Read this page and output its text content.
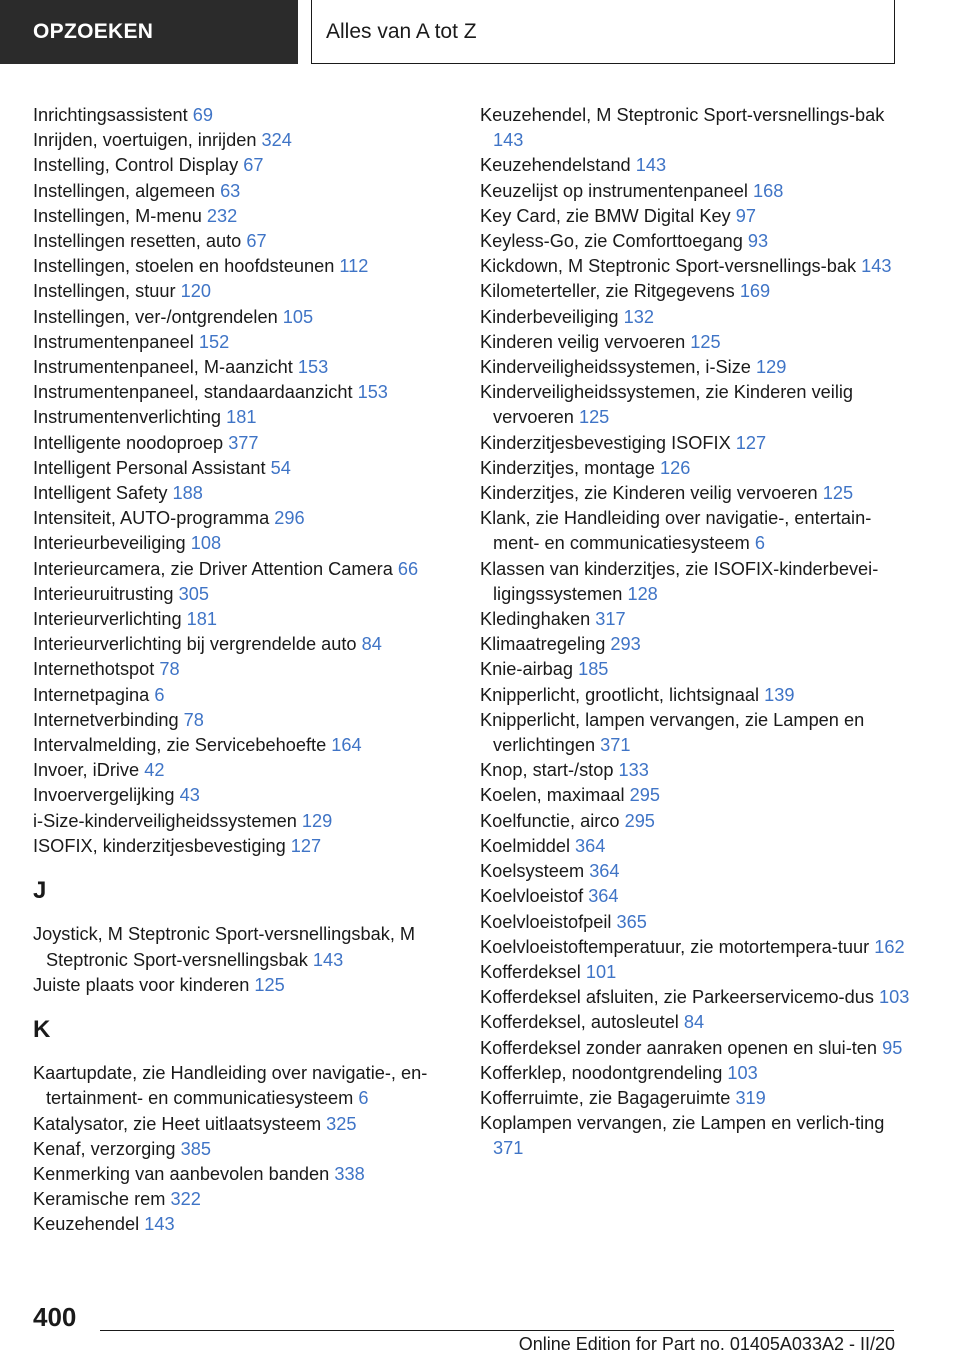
OPZOEKEN	Alles van A tot Z
Inrichtingsassistent 69
Inrijden, voertuigen, inrijden 324
Instelling, Control Display 67
Instellingen, algemeen 63
Instellingen, M-menu 232
Instellingen resetten, auto 67
Instellingen, stoelen en hoofdsteunen 112
Instellingen, stuur 120
Instellingen, ver-/ontgrendelen 105
Instrumentenpaneel 152
Instrumentenpaneel, M-aanzicht 153
Instrumentenpaneel, standaardaanzicht 153
Instrumentenverlichting 181
Intelligente noodoproep 377
Intelligent Personal Assistant 54
Intelligent Safety 188
Intensiteit, AUTO-programma 296
Interieurbeveiliging 108
Interieurcamera, zie Driver Attention Camera 66
Interieuruitrusting 305
Interieurverlichting 181
Interieurverlichting bij vergrendelde auto 84
Internethotspot 78
Internetpagina 6
Internetverbinding 78
Intervalmelding, zie Servicebehoefte 164
Invoer, iDrive 42
Invoervergelijking 43
i-Size-kinderveiligheidssystemen 129
ISOFIX, kinderzitjesbevestiging 127
J
Joystick, M Steptronic Sport-versnellingsbak, M Steptronic Sport-versnellingsbak 143
Juiste plaats voor kinderen 125
K
Kaartupdate, zie Handleiding over navigatie-, en-tertainment- en communicatiesysteem 6
Katalysator, zie Heet uitlaatsysteem 325
Kenaf, verzorging 385
Kenmerking van aanbevolen banden 338
Keramische rem 322
Keuzehendel 143
Keuzehendel, M Steptronic Sport-versnellings-bak 143
Keuzehendelstand 143
Keuzelijst op instrumentenpaneel 168
Key Card, zie BMW Digital Key 97
Keyless-Go, zie Comforttoegang 93
Kickdown, M Steptronic Sport-versnellings-bak 143
Kilometerteller, zie Ritgegevens 169
Kinderbeveiliging 132
Kinderen veilig vervoeren 125
Kinderveiligheidssystemen, i-Size 129
Kinderveiligheidssystemen, zie Kinderen veilig vervoeren 125
Kinderzitjesbevestiging ISOFIX 127
Kinderzitjes, montage 126
Kinderzitjes, zie Kinderen veilig vervoeren 125
Klank, zie Handleiding over navigatie-, entertain-ment- en communicatiesysteem 6
Klassen van kinderzitjes, zie ISOFIX-kinderbevei-ligingssystemen 128
Kledinghaken 317
Klimaatregeling 293
Knie-airbag 185
Knipperlicht, grootlicht, lichtsignaal 139
Knipperlicht, lampen vervangen, zie Lampen en verlichtingen 371
Knop, start-/stop 133
Koelen, maximaal 295
Koelfunctie, airco 295
Koelmiddel 364
Koelsysteem 364
Koelvloeistof 364
Koelvloeistofpeil 365
Koelvloeistoftemperatuur, zie motortempera-tuur 162
Kofferdeksel 101
Kofferdeksel afsluiten, zie Parkeerservicemo-dus 103
Kofferdeksel, autosleutel 84
Kofferdeksel zonder aanraken openen en slui-ten 95
Kofferklep, noodontgrendeling 103
Kofferruimte, zie Bagageruimte 319
Koplampen vervangen, zie Lampen en verlich-ting 371
400
Online Edition for Part no. 01405A033A2 - II/20
